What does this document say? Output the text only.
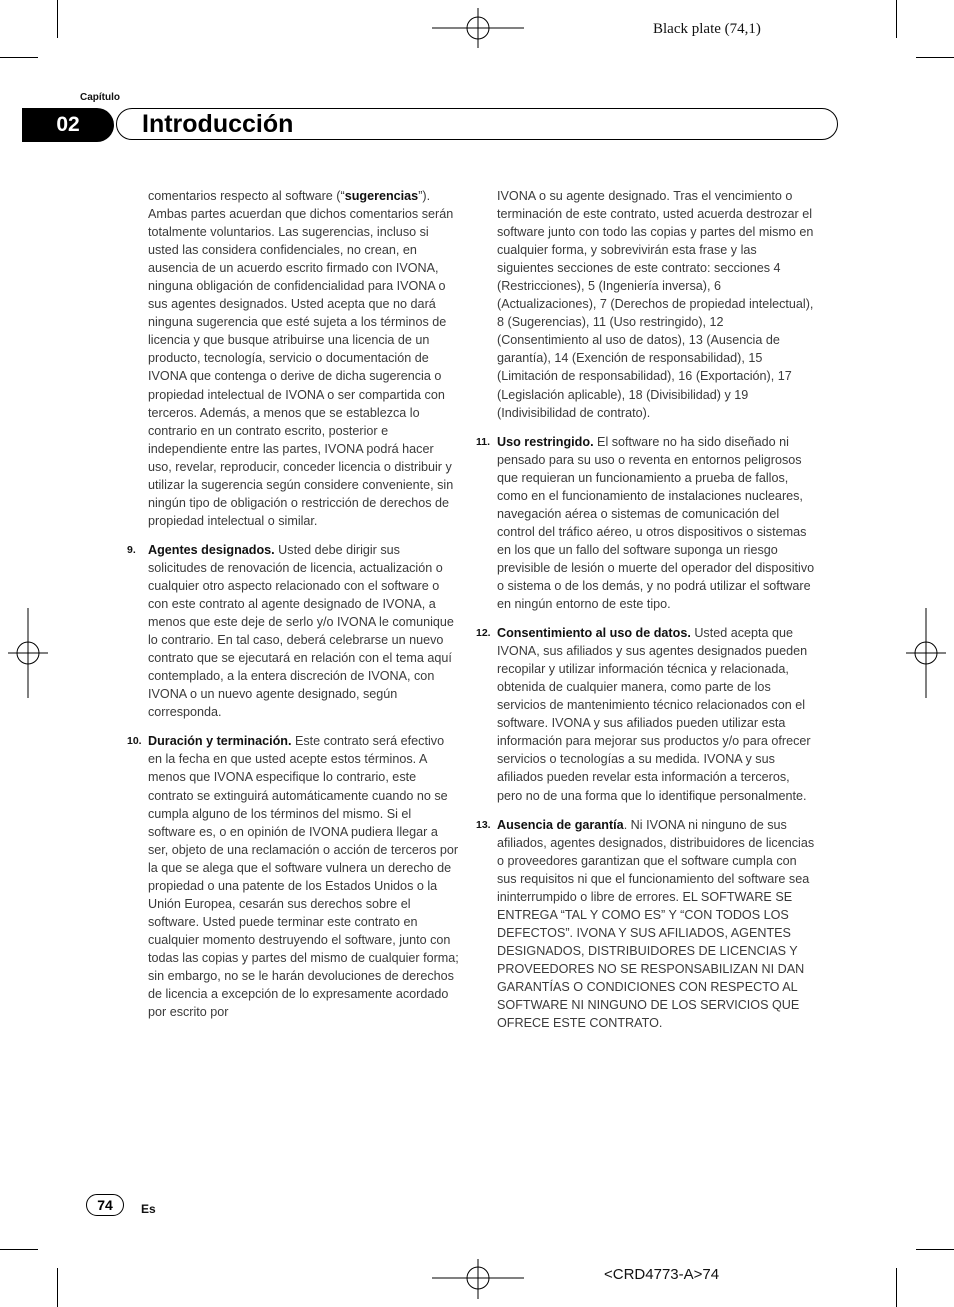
Black plate (74,1)
Capítulo
02	Introducción

comentarios respecto al software (“sugerencias”). Ambas partes acuerdan que dichos comentarios serán totalmente voluntarios. Las sugerencias, incluso si usted las considera confidenciales, no crean, en ausencia de un acuerdo escrito firmado con IVONA, ninguna obligación de confidencialidad para IVONA o sus agentes designados. Usted acepta que no dará ninguna sugerencia que esté sujeta a los términos de licencia y que busque atribuirse una licencia de un producto, tecnología, servicio o documentación de IVONA que contenga o derive de dicha sugerencia o propiedad intelectual de IVONA o ser compartida con terceros. Además, a menos que se establezca lo contrario en un contrato escrito, posterior e independiente entre las partes, IVONA podrá hacer uso, revelar, reproducir, conceder licencia o distribuir y utilizar la sugerencia según considere conveniente, sin ningún tipo de obligación o restricción de derechos de propiedad intelectual o similar.

9. Agentes designados. Usted debe dirigir sus solicitudes de renovación de licencia, actualización o cualquier otro aspecto relacionado con el software o con este contrato al agente designado de IVONA, a menos que este deje de serlo y/o IVONA le comunique lo contrario. En tal caso, deberá celebrarse un nuevo contrato que se ejecutará en relación con el tema aquí contemplado, a la entera discreción de IVONA, con IVONA o un nuevo agente designado, según corresponda.

10. Duración y terminación. Este contrato será efectivo en la fecha en que usted acepte estos términos. A menos que IVONA especifique lo contrario, este contrato se extinguirá automáticamente cuando no se cumpla alguno de los términos del mismo. Si el software es, o en opinión de IVONA pudiera llegar a ser, objeto de una reclamación o acción de terceros por la que se alega que el software vulnera un derecho de propiedad o una patente de los Estados Unidos o la Unión Europea, cesarán sus derechos sobre el software. Usted puede terminar este contrato en cualquier momento destruyendo el software, junto con todas las copias y partes del mismo de cualquier forma; sin embargo, no se le harán devoluciones de derechos de licencia a excepción de lo expresamente acordado por escrito por

IVONA o su agente designado. Tras el vencimiento o terminación de este contrato, usted acuerda destrozar el software junto con todo las copias y partes del mismo en cualquier forma, y sobrevivirán esta frase y las siguientes secciones de este contrato: secciones 4 (Restricciones), 5 (Ingeniería inversa), 6 (Actualizaciones), 7 (Derechos de propiedad intelectual), 8 (Sugerencias), 11 (Uso restringido), 12 (Consentimiento al uso de datos), 13 (Ausencia de garantía), 14 (Exención de responsabilidad), 15 (Limitación de responsabilidad), 16 (Exportación), 17 (Legislación aplicable), 18 (Divisibilidad) y 19 (Indivisibilidad de contrato).

11. Uso restringido. El software no ha sido diseñado ni pensado para su uso o reventa en entornos peligrosos que requieran un funcionamiento a prueba de fallos, como en el funcionamiento de instalaciones nucleares, navegación aérea o sistemas de comunicación del control del tráfico aéreo, u otros dispositivos o sistemas en los que un fallo del software suponga un riesgo previsible de lesión o muerte del operador del dispositivo o sistema o de los demás, y no podrá utilizar el software en ningún entorno de este tipo.

12. Consentimiento al uso de datos. Usted acepta que IVONA, sus afiliados y sus agentes designados pueden recopilar y utilizar información técnica y relacionada, obtenida de cualquier manera, como parte de los servicios de mantenimiento técnico relacionados con el software. IVONA y sus afiliados pueden utilizar esta información para mejorar sus productos y/o para ofrecer servicios o tecnologías a su medida. IVONA y sus afiliados pueden revelar esta información a terceros, pero no de una forma que lo identifique personalmente.

13. Ausencia de garantía. Ni IVONA ni ninguno de sus afiliados, agentes designados, distribuidores de licencias o proveedores garantizan que el software cumpla con sus requisitos ni que el funcionamiento del software sea ininterrumpido o libre de errores. EL SOFTWARE SE ENTREGA “TAL Y COMO ES” Y “CON TODOS LOS DEFECTOS”. IVONA Y SUS AFILIADOS, AGENTES DESIGNADOS, DISTRIBUIDORES DE LICENCIAS Y PROVEEDORES NO SE RESPONSABILIZAN NI DAN GARANTÍAS O CONDICIONES CON RESPECTO AL SOFTWARE NI NINGUNO DE LOS SERVICIOS QUE OFRECE ESTE CONTRATO.

74	Es
<CRD4773-A>74
